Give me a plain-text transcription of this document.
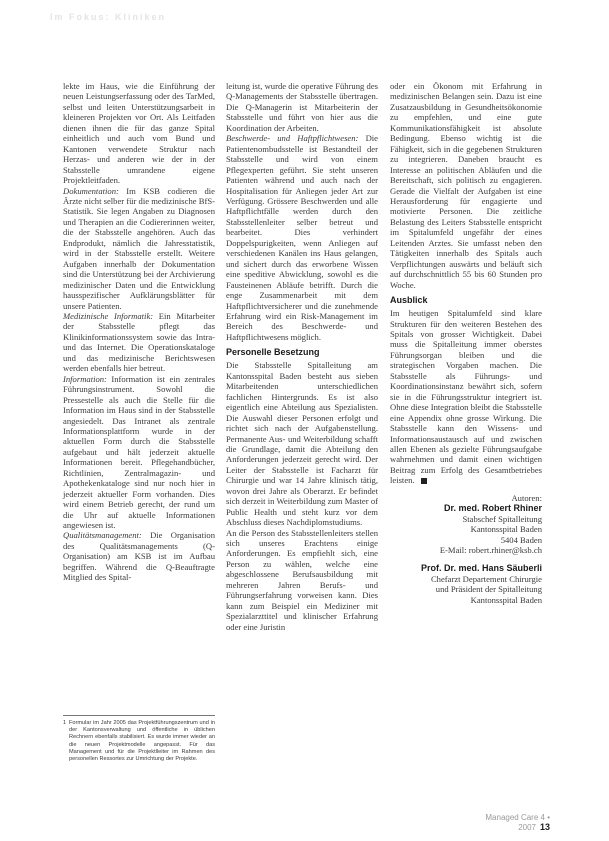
Im Fokus: Kliniken

lekte im Haus, wie die Einführung der neuen Leistungserfassung oder des TarMed, selbst und leiten Unterstützungsarbeit in kleineren Projekten vor Ort. Als Leitfaden dienen ihnen die für das ganze Spital einheitlich und auch vom Bund und Kantonen verwendete Struktur nach Herzas- und anderen wie der in der Stabsstelle umrandene eigene Projektleitfaden.

Dokumentation: Im KSB codieren die Ärzte nicht selber für die medizinische BfS-Statistik. Sie legen Angaben zu Diagnosen und Therapien an die Codiererinnen weiter, die der Stabsstelle angehören. Auch das Endprodukt, nämlich die Jahresstatistik, wird in der Stabsstelle erstellt. Weitere Aufgaben innerhalb der Dokumentation sind die Unterstützung bei der Archivierung medizinischer Daten und die Entwicklung hausspezifischer Aufklärungsblätter für unsere Patienten.

Medizinische Informatik: Ein Mitarbeiter der Stabsstelle pflegt das Klinikinformationssystem sowie das Intra- und das Internet. Die Operationskataloge und das medizinische Berichtswesen werden ebenfalls hier betreut.

Information: Information ist ein zentrales Führungsinstrument. Sowohl die Pressestelle als auch die Stelle für die Information im Haus sind in der Stabsstelle angesiedelt. Das Intranet als zentrale Informationsplattform wurde in der aktuellen Form durch die Stabsstelle aufgebaut und hält jederzeit aktuelle Informationen bereit. Pflegehandbücher, Richtlinien, Zentralmagazin- und Apothekenkataloge sind nur noch hier in jederzeit aktueller Form vorhanden. Dies wird einem Betrieb gerecht, der rund um die Uhr auf aktuelle Informationen angewiesen ist.

Qualitätsmanagement: Die Organisation des Qualitätsmanagements (Q-Organisation) am KSB ist im Aufbau begriffen. Während die Q-Beauftragte Mitglied des Spital-

1 Formular im Jahr 2005 das Projektführungszentrum und in der Kantonsverwaltung und öffentliche in üblichen Rechnern ebenfalls stabilisiert. Es wurde immer wieder an die neuen Projektmodelle angepasst. Für das Management und für die Projektlleiter im Rahmen des personellen Ressortes zur Umrichtung der Projekte.

leitung ist, wurde die operative Führung des Q-Managements der Stabsstelle übertragen. Die Q-Managerin ist Mitarbeiterin der Stabsstelle und führt von hier aus die Koordination der Arbeiten.

Beschwerde- und Haftpflichtwesen: Die Patientenombudsstelle ist Bestandteil der Stabsstelle und wird von einem Pflegexperten geführt. Sie steht unseren Patienten während und auch nach der Hospitalisation für Anliegen jeder Art zur Verfügung. Grössere Beschwerden und alle Haftpflichtfälle werden durch den Stabsstellenleiter selber betreut und bearbeitet. Dies verhindert Doppelspurigkeiten, wenn Anliegen auf verschiedenen Kanälen ins Haus gelangen, und sichert durch das erworbene Wissen eine speditive Abwicklung, sowohl es die Fausteinenen Abläufe betrifft. Durch die enge Zusammenarbeit mit dem Haftpflichtversicherer und die zunehmende Erfahrung wird ein Risk-Management im Bereich des Beschwerde- und Haftpflichtwesens möglich.

Personelle Besetzung

Die Stabsstelle Spitalleitung am Kantonsspital Baden besteht aus sieben Mitarbeitenden unterschiedlichen fachlichen Hintergrunds. Es ist also eigentlich eine Abteilung aus Spezialisten. Die Auswahl dieser Personen erfolgt und richtet sich nach der Aufgabenstellung. Permanente Aus- und Weiterbildung schafft die Grundlage, damit die Abteilung den Anforderungen jederzeit gerecht wird. Der Leiter der Stabsstelle ist Facharzt für Chirurgie und war 14 Jahre klinisch tätig, wovon drei Jahre als Oberarzt. Er befindet sich derzeit in Weiterbildung zum Master of Public Health und steht kurz vor dem Abschluss dieses Nachdiplomstudiums.

An die Person des Stabsstellenleiters stellen sich unseres Erachtens einige Anforderungen. Es empfiehlt sich, eine Person zu wählen, welche eine abgeschlossene Berufsausbildung mit mehreren Jahren Berufs- und Führungserfahrung vorweisen kann. Dies kann zum Beispiel ein Mediziner mit Spezialarzttitel und klinischer Erfahrung oder eine Juristin

oder ein Ökonom mit Erfahrung in medizinischen Belangen sein. Dazu ist eine Zusatzausbildung in Gesundheitsökonomie zu empfehlen, und eine gute Kommunikationsfähigkeit ist absolute Bedingung. Ebenso wichtig ist die Fähigkeit, sich in die gegebenen Strukturen zu integrieren. Daneben braucht es Interesse an politischen Abläufen und die Bereitschaft, sich politisch zu engagieren. Gerade die Vielfalt der Aufgaben ist eine Herausforderung für engagierte und motivierte Personen. Die zeitliche Belastung des Leiters Stabsstelle entspricht im Spitalumfeld ungefähr der eines Leitenden Arztes. Sie umfasst neben den Tätigkeiten innerhalb des Spitals auch Verpflichtungen auswärts und beläuft sich auf durchschnittlich 55 bis 60 Stunden pro Woche.

Ausblick

Im heutigen Spitalumfeld sind klare Strukturen für den weiteren Bestehen des Spitals von grosser Wichtigkeit. Dabei muss die Spitalleitung immer oberstes Führungsorgan bleiben und die strategischen Vorgaben machen. Die Stabsstelle als Führungs- und Koordinationsinstanz bewährt sich, sofern sie in die Führungsstruktur integriert ist. Ohne diese Integration bleibt die Stabsstelle eine Appendix ohne grosse Wirkung. Die Stabsstelle kann den Wissens- und Informationsaustausch auf und zwischen allen Ebenen als gezielte Führungsaufgabe wahrnehmen und damit einen wichtigen Beitrag zum Erfolg des Gesamtbetriebes leisten.

Autoren:
Dr. med. Robert Rhiner
Stabschef Spitalleitung
Kantonsspital Baden
5404 Baden
E-Mail: robert.rhiner@ksb.ch
Prof. Dr. med. Hans Säuberli
Chefarzt Departement Chirurgie
und Präsident der Spitalleitung
Kantonsspital Baden
Managed Care 4 • 2007 13
